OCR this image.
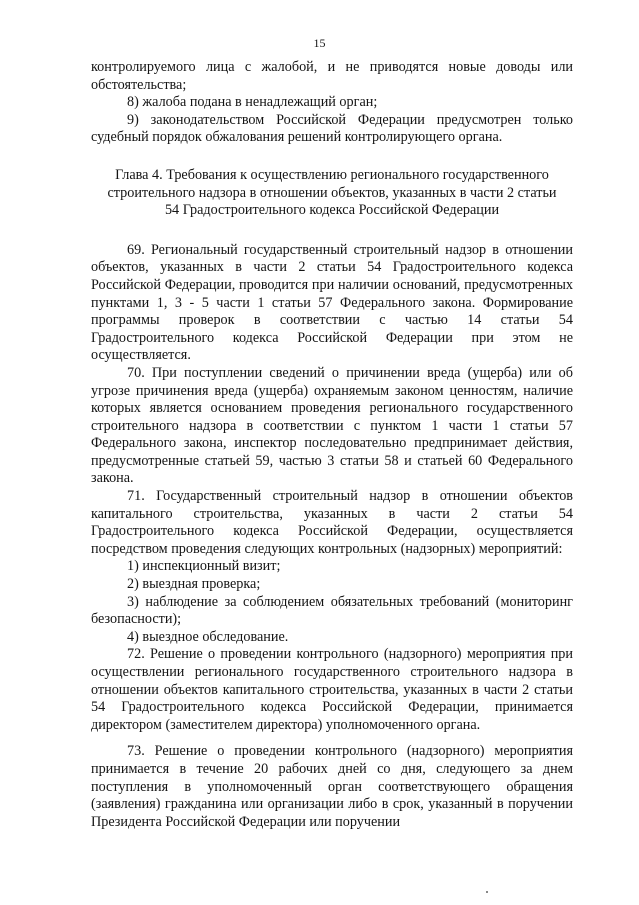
15
контролируемого лица с жалобой, и не приводятся новые доводы или обстоятельства;
8) жалоба подана в ненадлежащий орган;
9) законодательством Российской Федерации предусмотрен только судебный порядок обжалования решений контролирующего органа.
Глава 4. Требования к осуществлению регионального государственного строительного надзора в отношении объектов, указанных в части 2 статьи 54 Градостроительного кодекса Российской Федерации
69. Региональный государственный строительный надзор в отношении объектов, указанных в части 2 статьи 54 Градостроительного кодекса Российской Федерации, проводится при наличии оснований, предусмотренных пунктами 1, 3 - 5 части 1 статьи 57 Федерального закона. Формирование программы проверок в соответствии с частью 14 статьи 54 Градостроительного кодекса Российской Федерации при этом не осуществляется.
70. При поступлении сведений о причинении вреда (ущерба) или об угрозе причинения вреда (ущерба) охраняемым законом ценностям, наличие которых является основанием проведения регионального государственного строительного надзора в соответствии с пунктом 1 части 1 статьи 57 Федерального закона, инспектор последовательно предпринимает действия, предусмотренные статьей 59, частью 3 статьи 58 и статьей 60 Федерального закона.
71. Государственный строительный надзор в отношении объектов капитального строительства, указанных в части 2 статьи 54 Градостроительного кодекса Российской Федерации, осуществляется посредством проведения следующих контрольных (надзорных) мероприятий:
1) инспекционный визит;
2) выездная проверка;
3) наблюдение за соблюдением обязательных требований (мониторинг безопасности);
4) выездное обследование.
72. Решение о проведении контрольного (надзорного) мероприятия при осуществлении регионального государственного строительного надзора в отношении объектов капитального строительства, указанных в части 2 статьи 54 Градостроительного кодекса Российской Федерации, принимается директором (заместителем директора) уполномоченного органа.
73. Решение о проведении контрольного (надзорного) мероприятия принимается в течение 20 рабочих дней со дня, следующего за днем поступления в уполномоченный орган соответствующего обращения (заявления) гражданина или организации либо в срок, указанный в поручении Президента Российской Федерации или поручении
